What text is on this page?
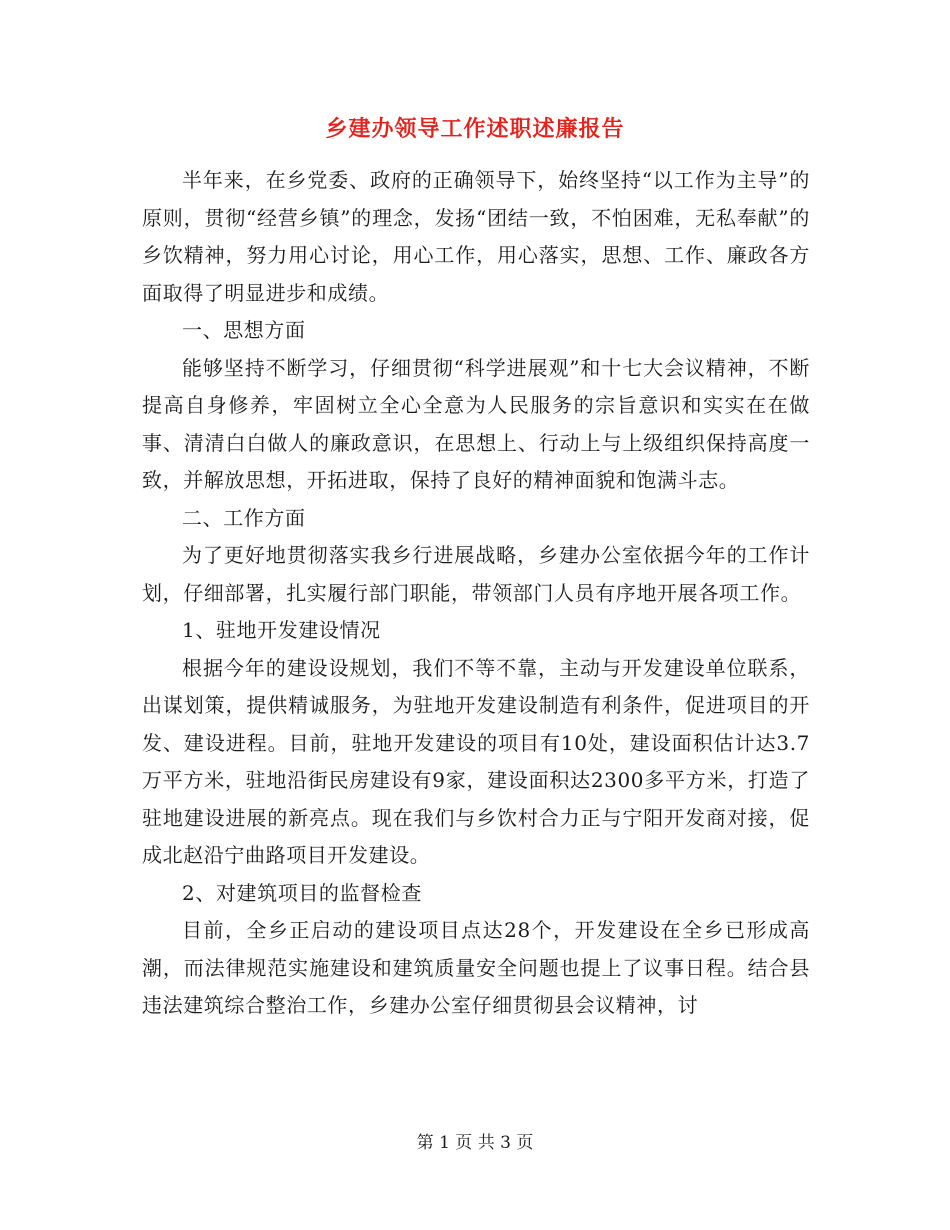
乡建办领导工作述职述廉报告

半年来，在乡党委、政府的正确领导下，始终坚持“以工作为主导”的原则，贯彻“经营乡镇”的理念，发扬“团结一致，不怕困难，无私奉献”的乡饮精神，努力用心讨论，用心工作，用心落实，思想、工作、廉政各方面取得了明显进步和成绩。

一、思想方面

能够坚持不断学习，仔细贯彻“科学进展观”和十七大会议精神，不断提高自身修养，牢固树立全心全意为人民服务的宗旨意识和实实在在做事、清清白白做人的廉政意识，在思想上、行动上与上级组织保持高度一致，并解放思想，开拓进取，保持了良好的精神面貌和饱满斗志。

二、工作方面

为了更好地贯彻落实我乡行进展战略，乡建办公室依据今年的工作计划，仔细部署，扎实履行部门职能，带领部门人员有序地开展各项工作。

1、驻地开发建设情况

根据今年的建设设规划，我们不等不靠，主动与开发建设单位联系，出谋划策，提供精诚服务，为驻地开发建设制造有利条件，促进项目的开发、建设进程。目前，驻地开发建设的项目有10处，建设面积估计达3.7万平方米，驻地沿街民房建设有9家，建设面积达2300多平方米，打造了驻地建设进展的新亮点。现在我们与乡饮村合力正与宁阳开发商对接，促成北赵沿宁曲路项目开发建设。

2、对建筑项目的监督检查

目前，全乡正启动的建设项目点达28个，开发建设在全乡已形成高潮，而法律规范实施建设和建筑质量安全问题也提上了议事日程。结合县违法建筑综合整治工作，乡建办公室仔细贯彻县会议精神，讨

第 1 页 共 3 页
